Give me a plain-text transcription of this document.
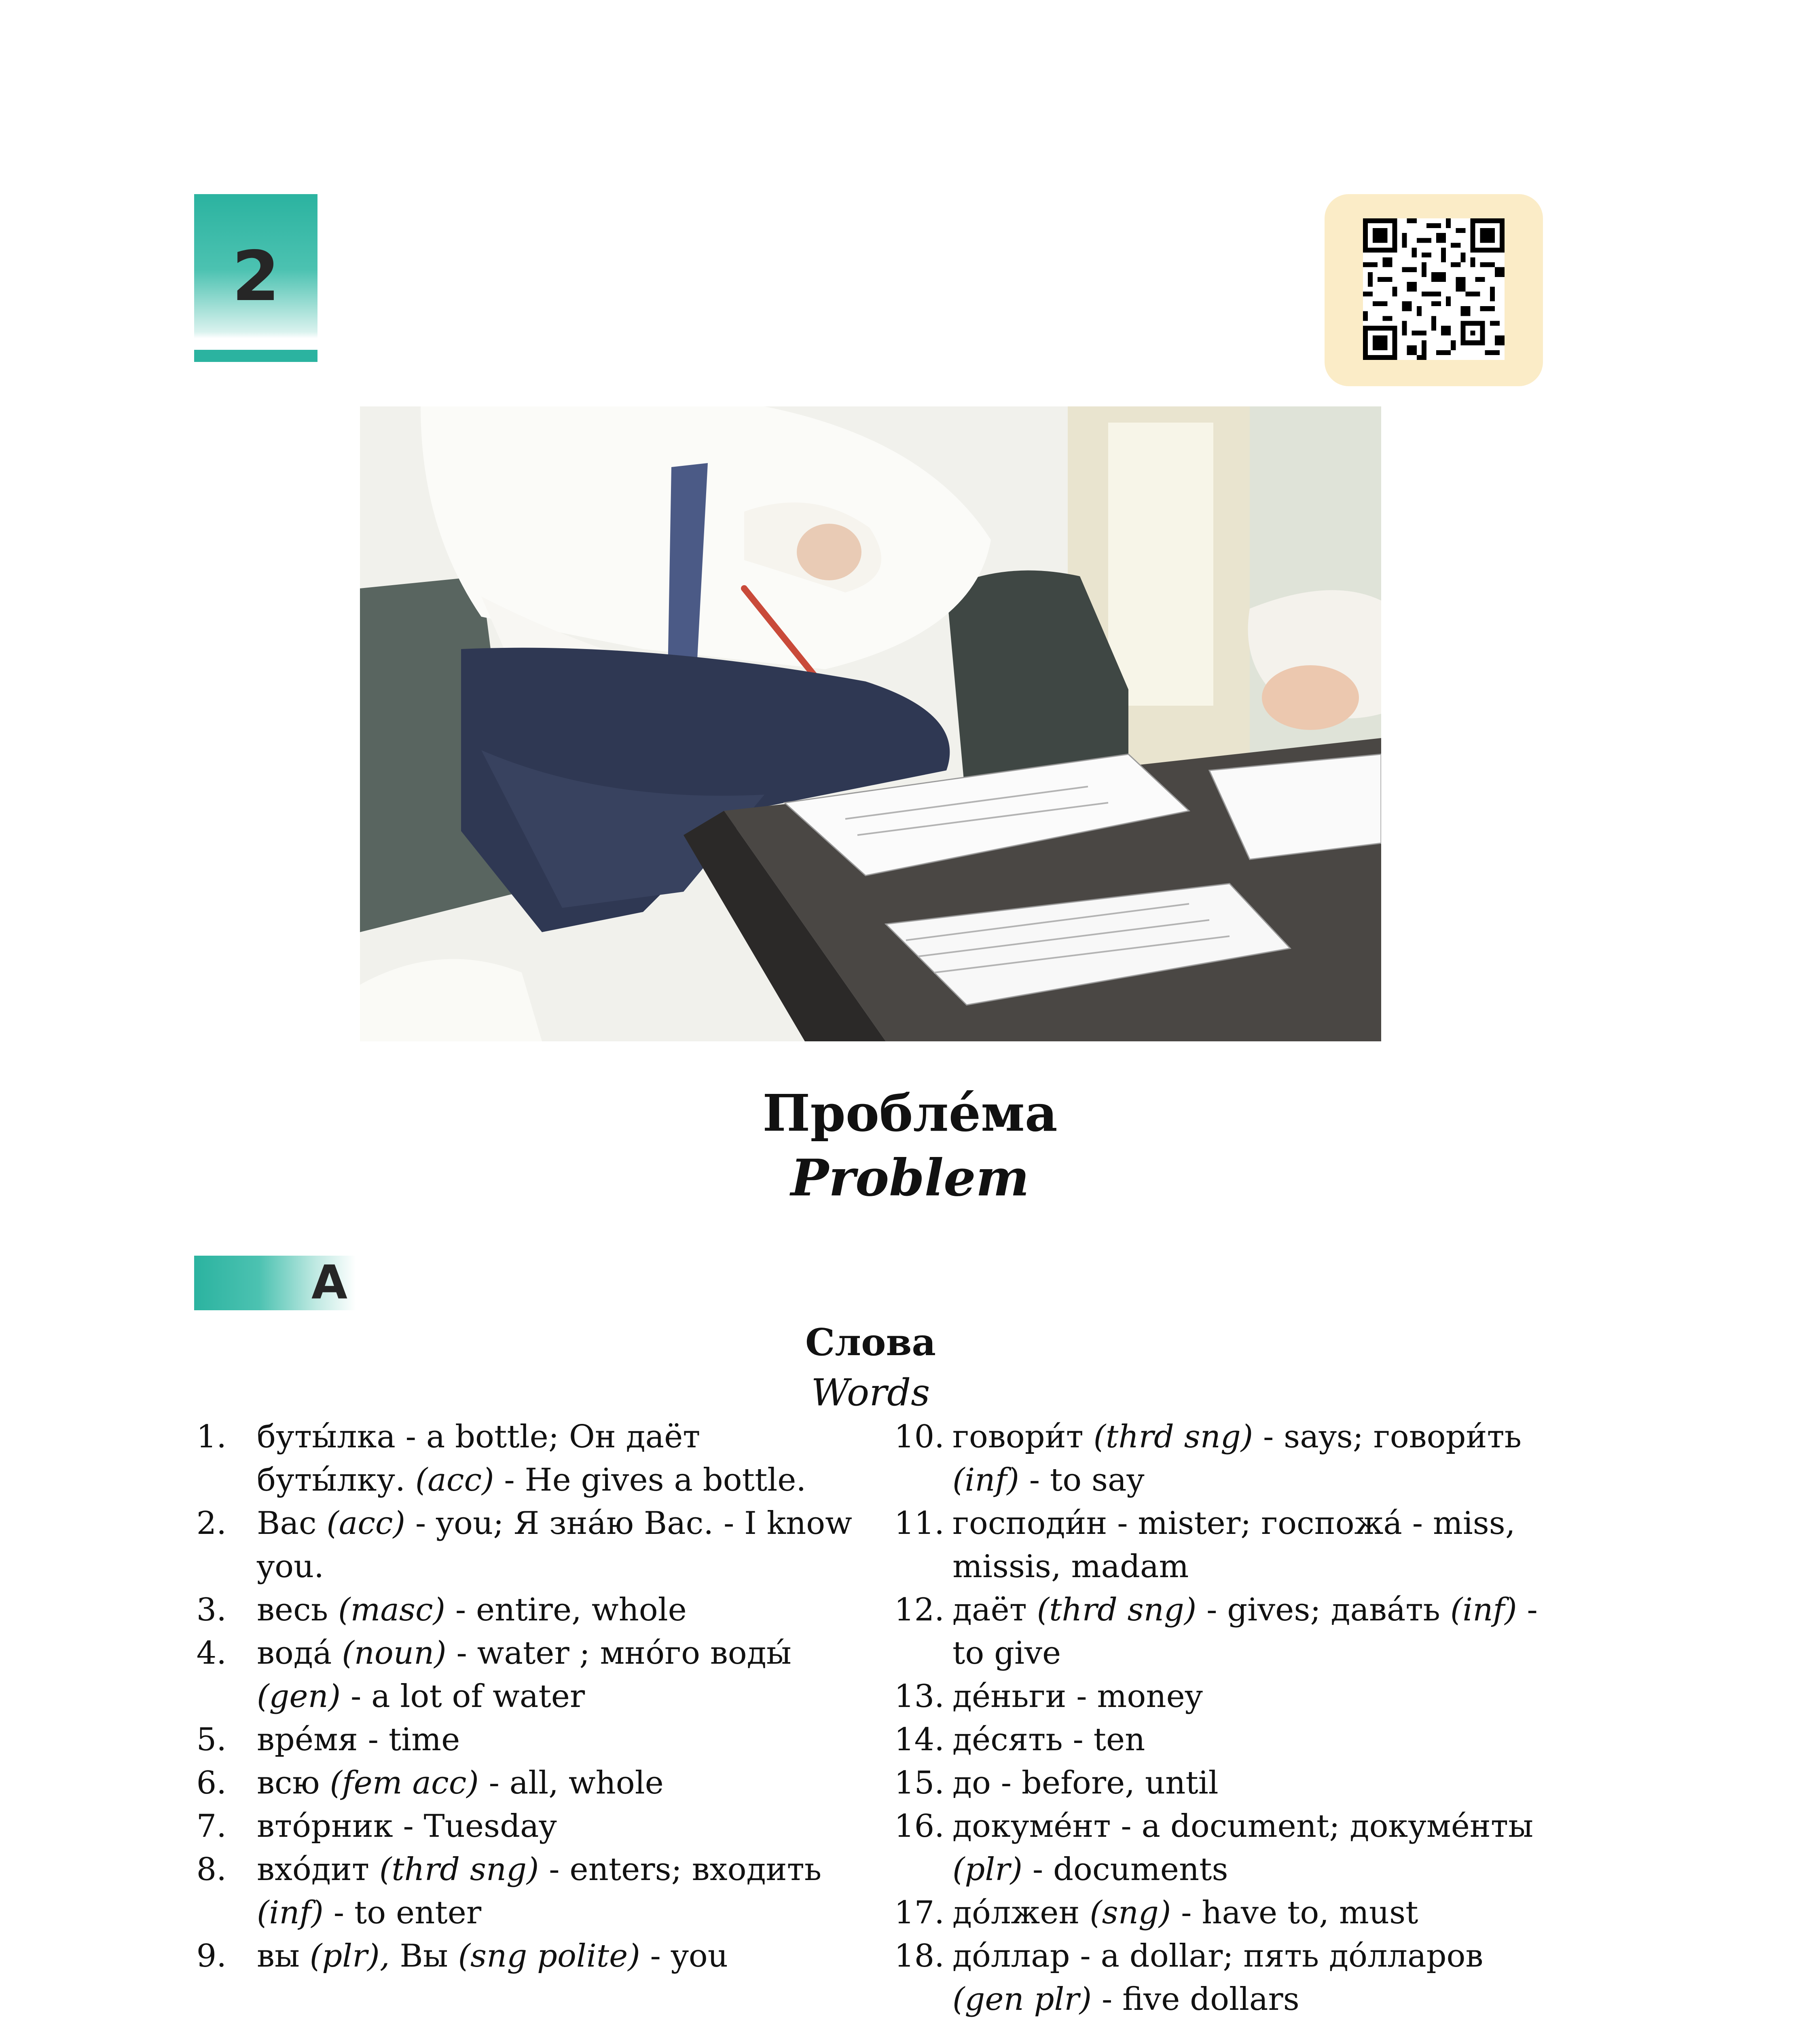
2
Пробле́ма
Problem
A
Слова
Words
1. буты́лка - a bottle; Он даёт буты́лку. (acc) - He gives a bottle.
2. Вас (acc) - you; Я зна́ю Вас. - I know you.
3. весь (masc) - entire, whole
4. вода́ (noun) - water ; мно́го воды́ (gen) - a lot of water
5. вре́мя - time
6. всю (fem acc) - all, whole
7. вто́рник - Tuesday
8. вхо́дит (thrd sng) - enters; входить (inf) - to enter
9. вы (plr), Вы (sng polite) - you
10. говори́т (thrd sng) - says; говори́ть (inf) - to say
11. господи́н - mister; госпожа́ - miss, missis, madam
12. даёт (thrd sng) - gives; дава́ть (inf) - to give
13. де́ньги - money
14. де́сять - ten
15. до - before, until
16. докуме́нт - a document; докуме́нты (plr) - documents
17. до́лжен (sng) - have to, must
18. до́ллар - a dollar; пять до́лларов (gen plr) - five dollars
